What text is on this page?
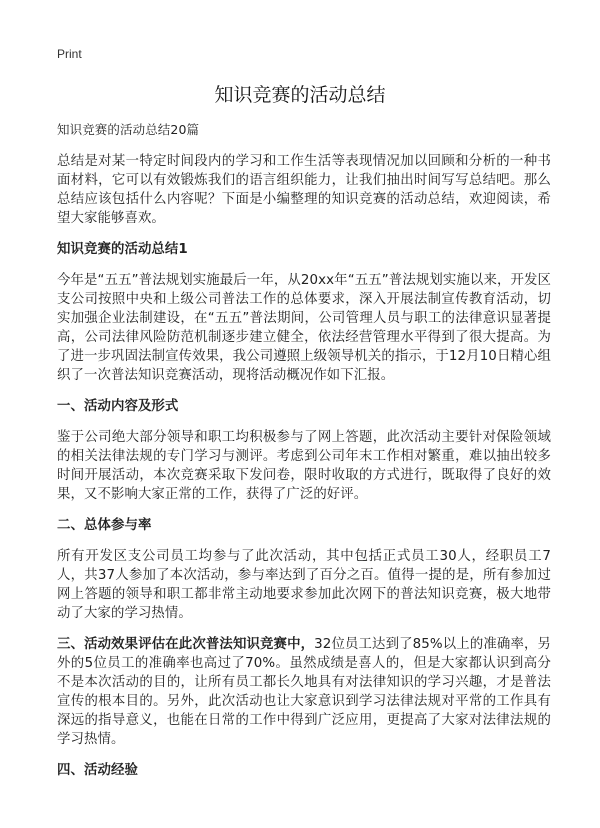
Print
知识竞赛的活动总结

知识竞赛的活动总结20篇

总结是对某一特定时间段内的学习和工作生活等表现情况加以回顾和分析的一种书面材料，它可以有效锻炼我们的语言组织能力，让我们抽出时间写写总结吧。那么总结应该包括什么内容呢？下面是小编整理的知识竞赛的活动总结，欢迎阅读，希望大家能够喜欢。

知识竞赛的活动总结1

今年是“五五”普法规划实施最后一年，从20xx年“五五”普法规划实施以来，开发区支公司按照中央和上级公司普法工作的总体要求，深入开展法制宣传教育活动，切实加强企业法制建设，在“五五”普法期间，公司管理人员与职工的法律意识显著提高，公司法律风险防范机制逐步建立健全，依法经营管理水平得到了很大提高。为了进一步巩固法制宣传效果，我公司遵照上级领导机关的指示，于12月10日精心组织了一次普法知识竞赛活动，现将活动概况作如下汇报。

一、活动内容及形式

鉴于公司绝大部分领导和职工均积极参与了网上答题，此次活动主要针对保险领域的相关法律法规的专门学习与测评。考虑到公司年末工作相对繁重，难以抽出较多时间开展活动，本次竞赛采取下发问卷，限时收取的方式进行，既取得了良好的效果，又不影响大家正常的工作，获得了广泛的好评。

二、总体参与率

所有开发区支公司员工均参与了此次活动，其中包括正式员工30人，经职员工7人，共37人参加了本次活动，参与率达到了百分之百。值得一提的是，所有参加过网上答题的领导和职工都非常主动地要求参加此次网下的普法知识竞赛，极大地带动了大家的学习热情。

三、活动效果评估在此次普法知识竞赛中，32位员工达到了85%以上的准确率，另外的5位员工的准确率也高过了70%。虽然成绩是喜人的，但是大家都认识到高分不是本次活动的目的，让所有员工都长久地具有对法律知识的学习兴趣，才是普法宣传的根本目的。另外，此次活动也让大家意识到学习法律法规对平常的工作具有深远的指导意义，也能在日常的工作中得到广泛应用，更提高了大家对法律法规的学习热情。

四、活动经验
